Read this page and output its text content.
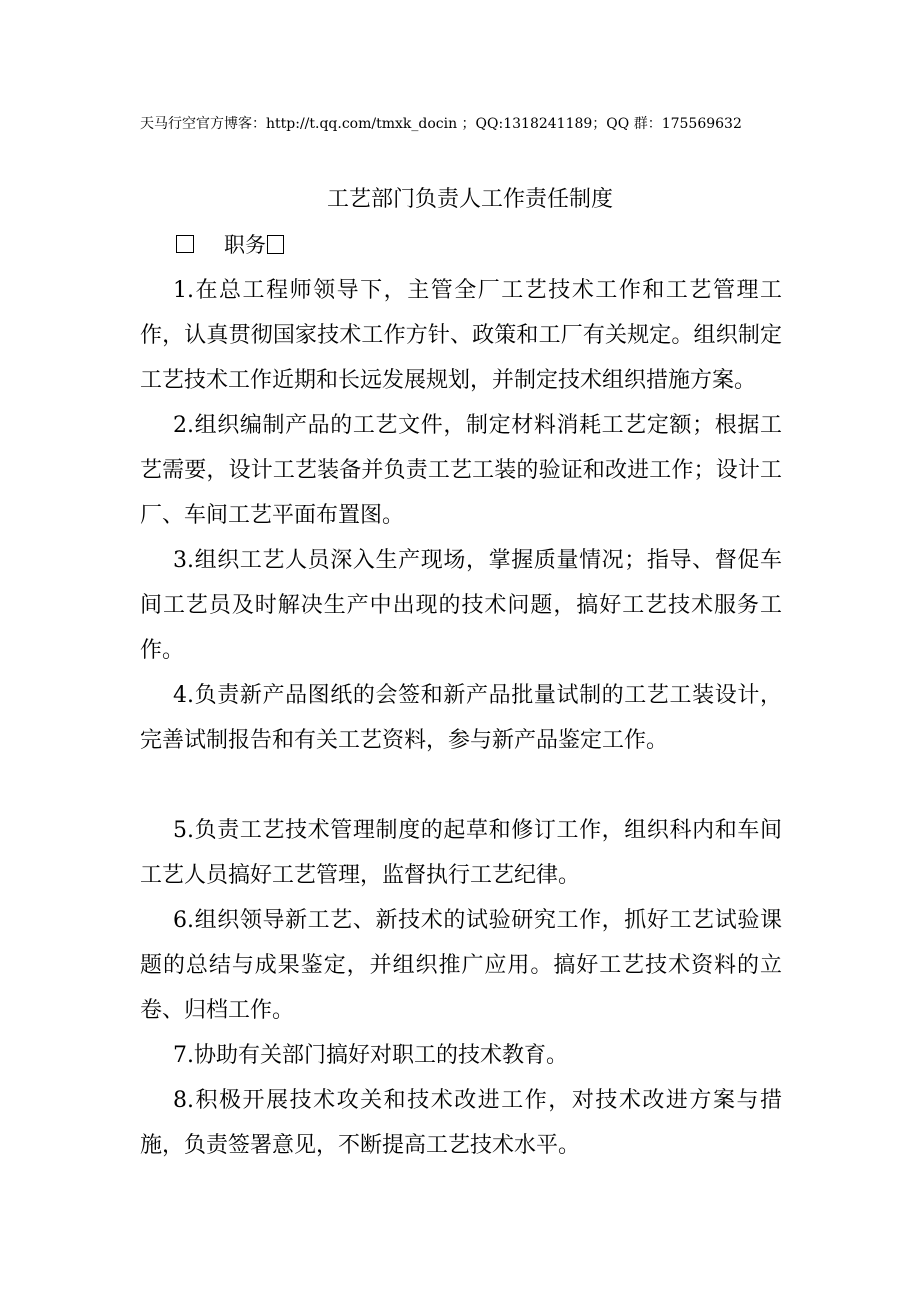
天马行空官方博客：http://t.qq.com/tmxk_docin ；QQ:1318241189；QQ 群：175569632
工艺部门负责人工作责任制度
职务

1.在总工程师领导下，主管全厂工艺技术工作和工艺管理工作，认真贯彻国家技术工作方针、政策和工厂有关规定。组织制定工艺技术工作近期和长远发展规划，并制定技术组织措施方案。

2.组织编制产品的工艺文件，制定材料消耗工艺定额；根据工艺需要，设计工艺装备并负责工艺工装的验证和改进工作；设计工厂、车间工艺平面布置图。

3.组织工艺人员深入生产现场，掌握质量情况；指导、督促车间工艺员及时解决生产中出现的技术问题，搞好工艺技术服务工作。

4.负责新产品图纸的会签和新产品批量试制的工艺工装设计，完善试制报告和有关工艺资料，参与新产品鉴定工作。

5.负责工艺技术管理制度的起草和修订工作，组织科内和车间工艺人员搞好工艺管理，监督执行工艺纪律。

6.组织领导新工艺、新技术的试验研究工作，抓好工艺试验课题的总结与成果鉴定，并组织推广应用。搞好工艺技术资料的立卷、归档工作。

7.协助有关部门搞好对职工的技术教育。

8.积极开展技术攻关和技术改进工作，对技术改进方案与措施，负责签署意见，不断提高工艺技术水平。
